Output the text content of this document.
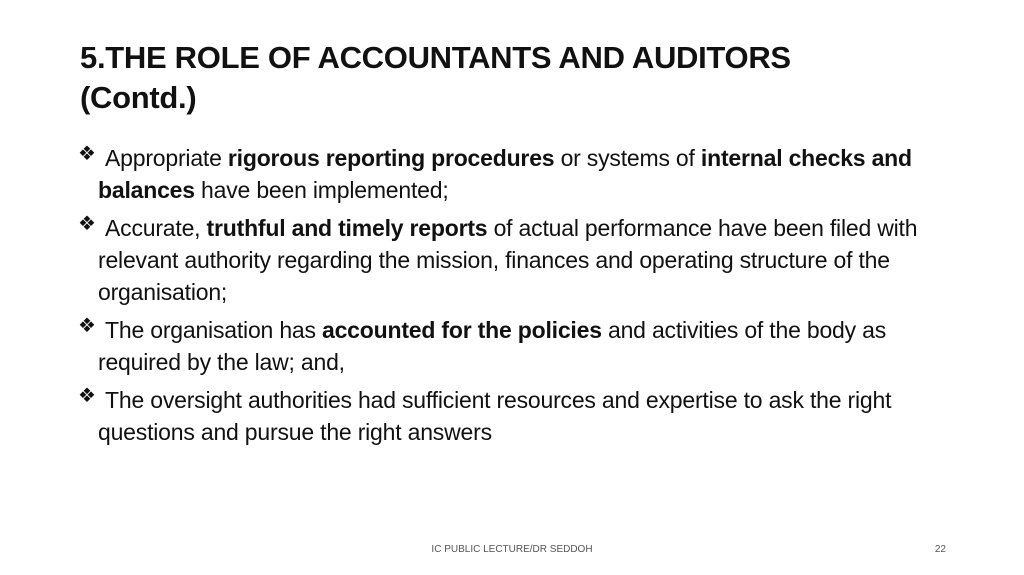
5.THE ROLE OF ACCOUNTANTS AND AUDITORS
(Contd.)
❖ Appropriate rigorous reporting procedures or systems of internal checks and balances have been implemented;
❖ Accurate, truthful and timely reports of actual performance have been filed with relevant authority regarding the mission, finances and operating structure of the organisation;
❖ The organisation has accounted for the policies and activities of the body as required by the law; and,
❖ The oversight authorities had sufficient resources and expertise to ask the right questions and pursue the right answers
IC PUBLIC LECTURE/DR SEDDOH	22
